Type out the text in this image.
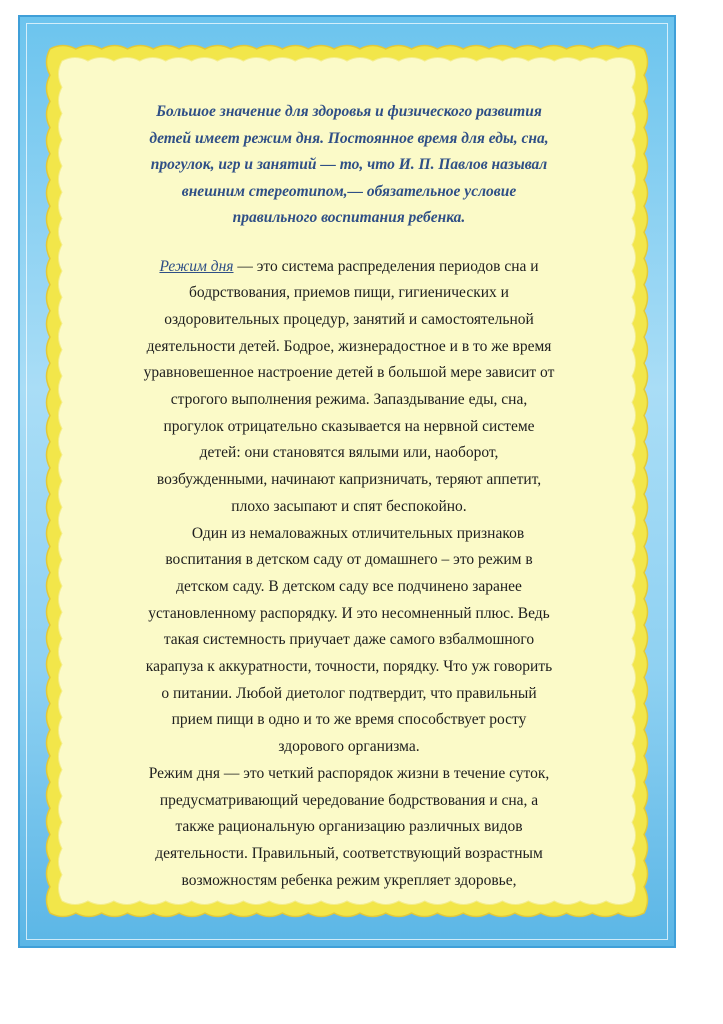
Большое значение для здоровья и физического развития
детей имеет режим дня. Постоянное время для еды, сна,
прогулок, игр и занятий — то, что И. П. Павлов называл
внешним стереотипом,— обязательное условие
правильного воспитания ребенка.

Режим дня — это система распределения периодов сна и
бодрствования, приемов пищи, гигиенических и
оздоровительных процедур, занятий и самостоятельной
деятельности детей. Бодрое, жизнерадостное и в то же время
уравновешенное настроение детей в большой мере зависит от
строгого выполнения режима. Запаздывание еды, сна,
прогулок отрицательно сказывается на нервной системе
детей: они становятся вялыми или, наоборот,
возбужденными, начинают капризничать, теряют аппетит,
плохо засыпают и спят беспокойно.
Один из немаловажных отличительных признаков
воспитания в детском саду от домашнего – это режим в
детском саду. В детском саду все подчинено заранее
установленному распорядку. И это несомненный плюс. Ведь
такая системность приучает даже самого взбалмошного
карапуза к аккуратности, точности, порядку. Что уж говорить
о питании. Любой диетолог подтвердит, что правильный
прием пищи в одно и то же время способствует росту
здорового организма.
Режим дня — это четкий распорядок жизни в течение суток,
предусматривающий чередование бодрствования и сна, а
также рациональную организацию различных видов
деятельности. Правильный, соответствующий возрастным
возможностям ребенка режим укрепляет здоровье,
